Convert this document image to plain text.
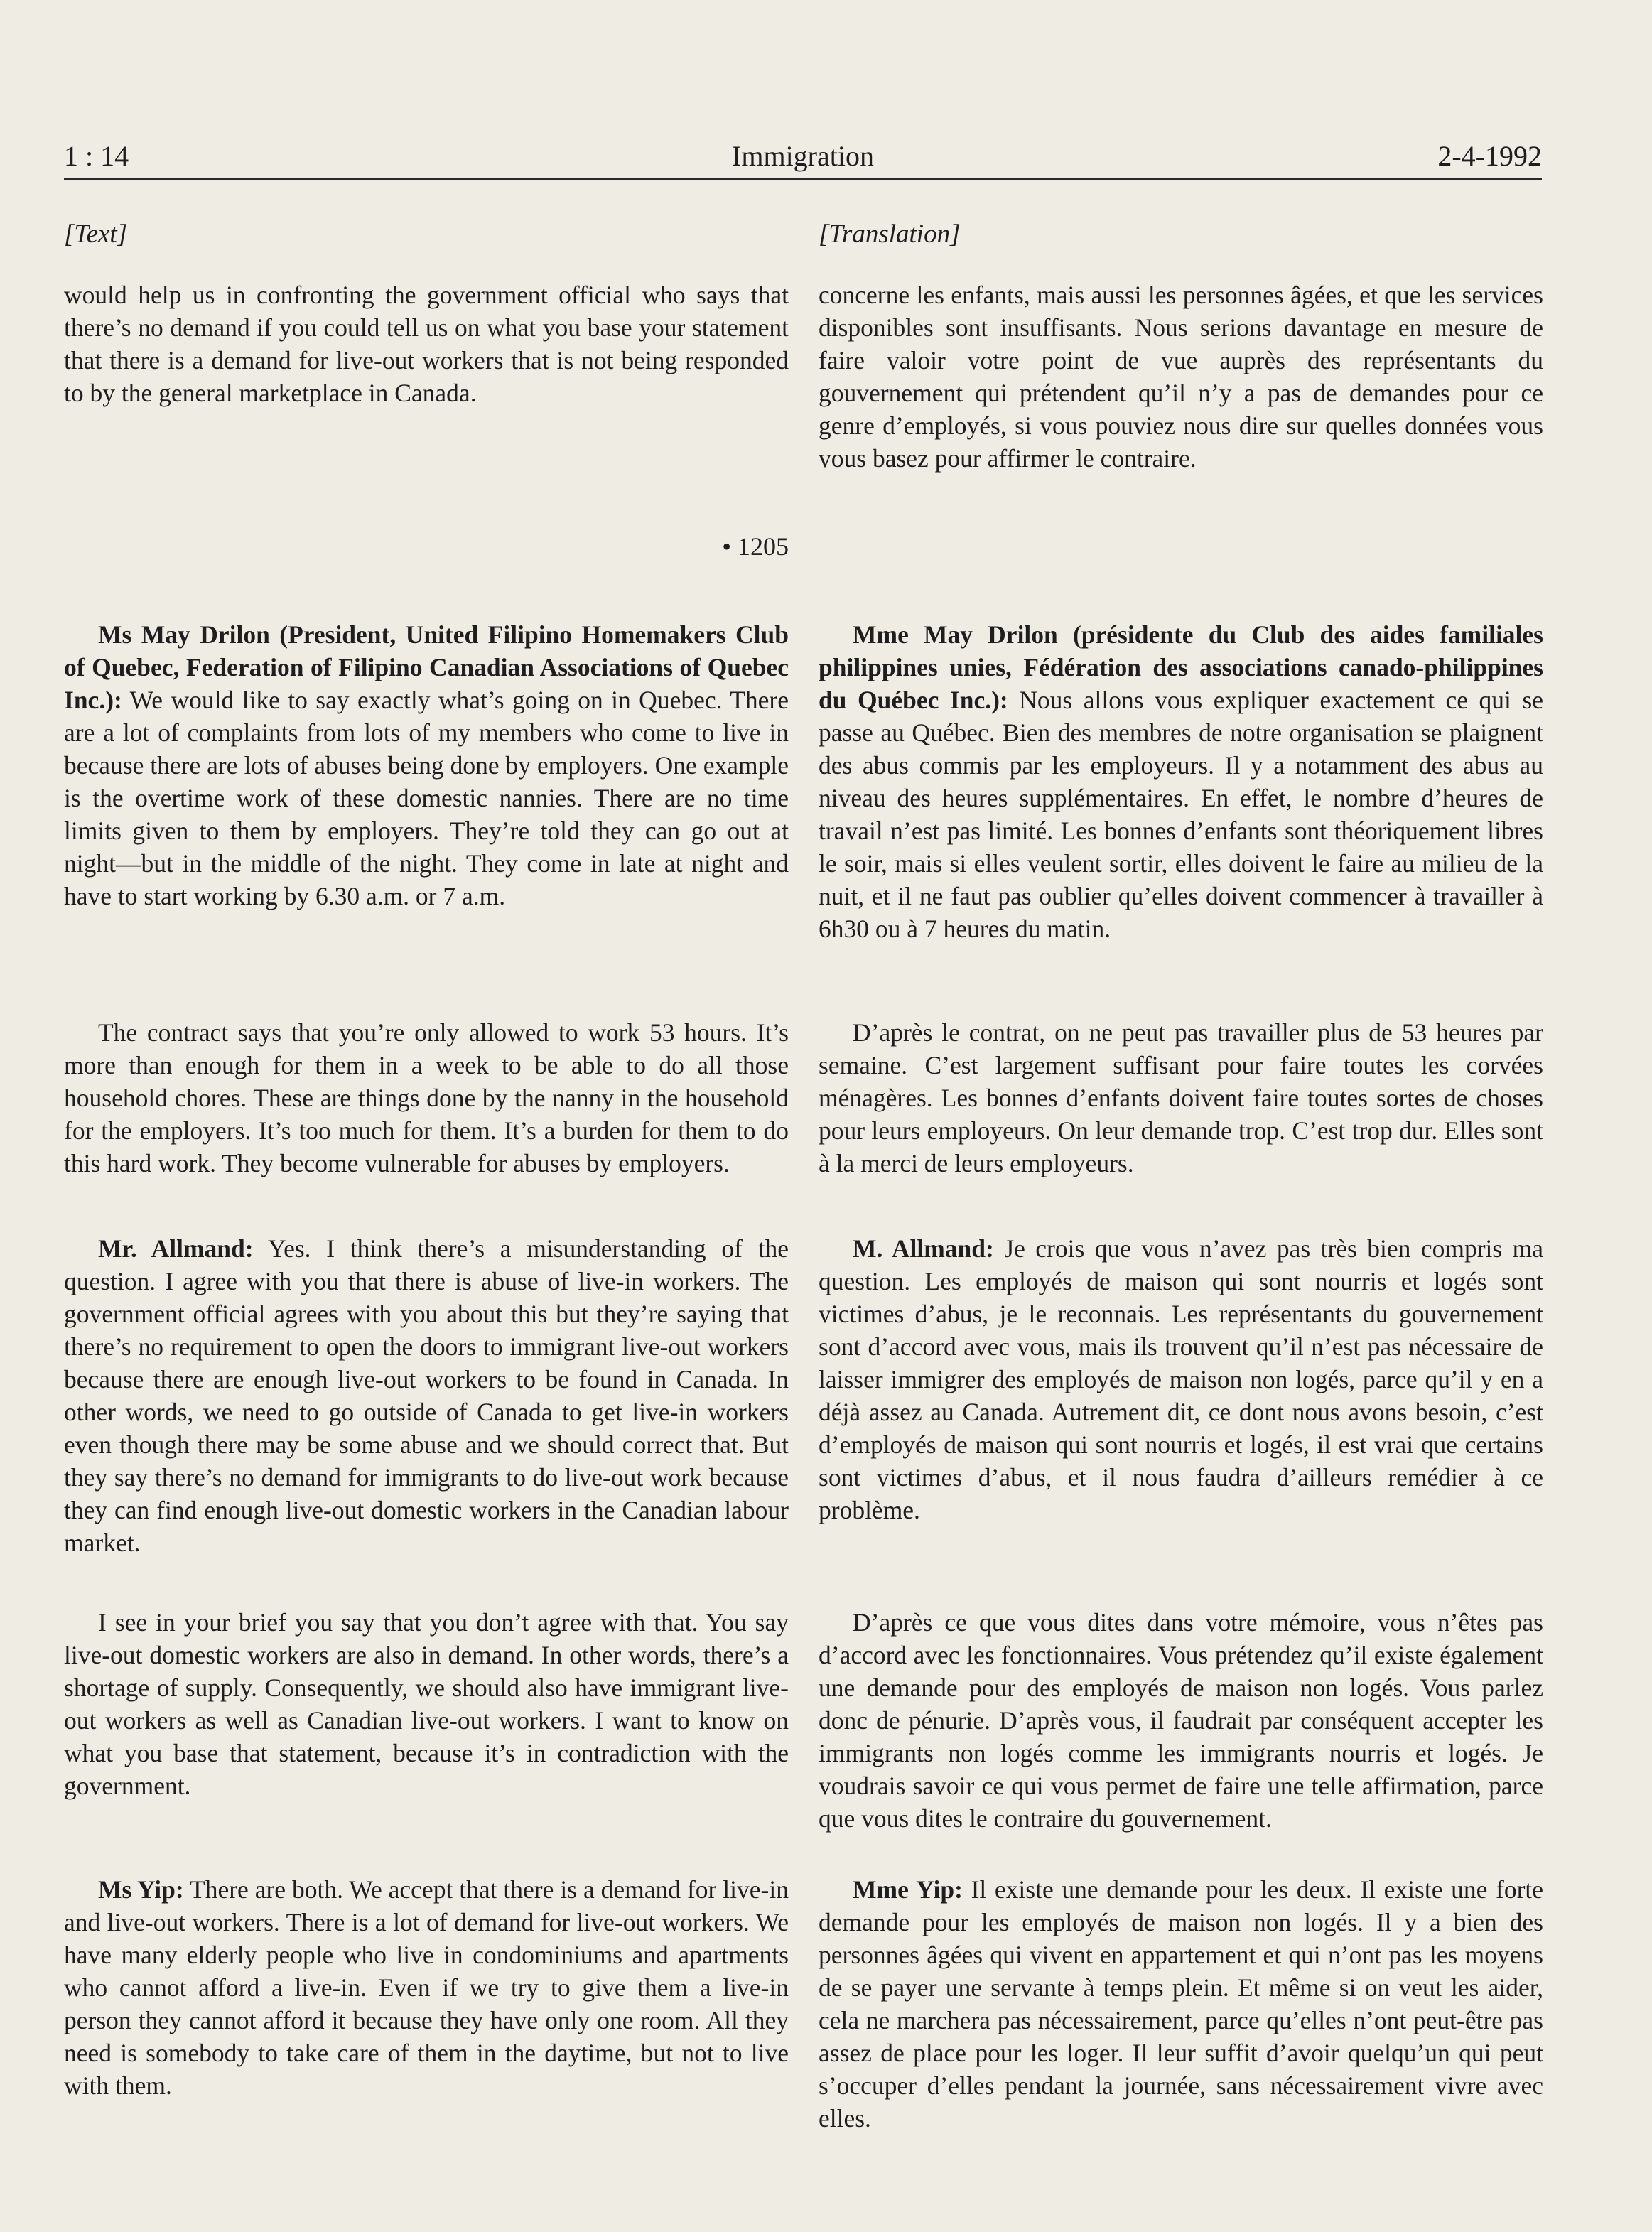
1 : 14	Immigration	2-4-1992
[Text]

would help us in confronting the government official who says that there’s no demand if you could tell us on what you base your statement that there is a demand for live-out workers that is not being responded to by the general marketplace in Canada.

• 1205

Ms May Drilon (President, United Filipino Homemakers Club of Quebec, Federation of Filipino Canadian Associations of Quebec Inc.): We would like to say exactly what’s going on in Quebec. There are a lot of complaints from lots of my members who come to live in because there are lots of abuses being done by employers. One example is the overtime work of these domestic nannies. There are no time limits given to them by employers. They’re told they can go out at night—but in the middle of the night. They come in late at night and have to start working by 6.30 a.m. or 7 a.m.

The contract says that you’re only allowed to work 53 hours. It’s more than enough for them in a week to be able to do all those household chores. These are things done by the nanny in the household for the employers. It’s too much for them. It’s a burden for them to do this hard work. They become vulnerable for abuses by employers.

Mr. Allmand: Yes. I think there’s a misunderstanding of the question. I agree with you that there is abuse of live-in workers. The government official agrees with you about this but they’re saying that there’s no requirement to open the doors to immigrant live-out workers because there are enough live-out workers to be found in Canada. In other words, we need to go outside of Canada to get live-in workers even though there may be some abuse and we should correct that. But they say there’s no demand for immigrants to do live-out work because they can find enough live-out domestic workers in the Canadian labour market.

I see in your brief you say that you don’t agree with that. You say live-out domestic workers are also in demand. In other words, there’s a shortage of supply. Consequently, we should also have immigrant live-out workers as well as Canadian live-out workers. I want to know on what you base that statement, because it’s in contradiction with the government.

Ms Yip: There are both. We accept that there is a demand for live-in and live-out workers. There is a lot of demand for live-out workers. We have many elderly people who live in condominiums and apartments who cannot afford a live-in. Even if we try to give them a live-in person they cannot afford it because they have only one room. All they need is somebody to take care of them in the daytime, but not to live with them.

[Translation]

concerne les enfants, mais aussi les personnes âgées, et que les services disponibles sont insuffisants. Nous serions davantage en mesure de faire valoir votre point de vue auprès des représentants du gouvernement qui prétendent qu’il n’y a pas de demandes pour ce genre d’employés, si vous pouviez nous dire sur quelles données vous vous basez pour affirmer le contraire.

Mme May Drilon (présidente du Club des aides familiales philippines unies, Fédération des associations canado-philippines du Québec Inc.): Nous allons vous expliquer exactement ce qui se passe au Québec. Bien des membres de notre organisation se plaignent des abus commis par les employeurs. Il y a notamment des abus au niveau des heures supplémentaires. En effet, le nombre d’heures de travail n’est pas limité. Les bonnes d’enfants sont théoriquement libres le soir, mais si elles veulent sortir, elles doivent le faire au milieu de la nuit, et il ne faut pas oublier qu’elles doivent commencer à travailler à 6h30 ou à 7 heures du matin.

D’après le contrat, on ne peut pas travailler plus de 53 heures par semaine. C’est largement suffisant pour faire toutes les corvées ménagères. Les bonnes d’enfants doivent faire toutes sortes de choses pour leurs employeurs. On leur demande trop. C’est trop dur. Elles sont à la merci de leurs employeurs.

M. Allmand: Je crois que vous n’avez pas très bien compris ma question. Les employés de maison qui sont nourris et logés sont victimes d’abus, je le reconnais. Les représentants du gouvernement sont d’accord avec vous, mais ils trouvent qu’il n’est pas nécessaire de laisser immigrer des employés de maison non logés, parce qu’il y en a déjà assez au Canada. Autrement dit, ce dont nous avons besoin, c’est d’employés de maison qui sont nourris et logés, il est vrai que certains sont victimes d’abus, et il nous faudra d’ailleurs remédier à ce problème.

D’après ce que vous dites dans votre mémoire, vous n’êtes pas d’accord avec les fonctionnaires. Vous prétendez qu’il existe également une demande pour des employés de maison non logés. Vous parlez donc de pénurie. D’après vous, il faudrait par conséquent accepter les immigrants non logés comme les immigrants nourris et logés. Je voudrais savoir ce qui vous permet de faire une telle affirmation, parce que vous dites le contraire du gouvernement.

Mme Yip: Il existe une demande pour les deux. Il existe une forte demande pour les employés de maison non logés. Il y a bien des personnes âgées qui vivent en appartement et qui n’ont pas les moyens de se payer une servante à temps plein. Et même si on veut les aider, cela ne marchera pas nécessairement, parce qu’elles n’ont peut-être pas assez de place pour les loger. Il leur suffit d’avoir quelqu’un qui peut s’occuper d’elles pendant la journée, sans nécessairement vivre avec elles.
